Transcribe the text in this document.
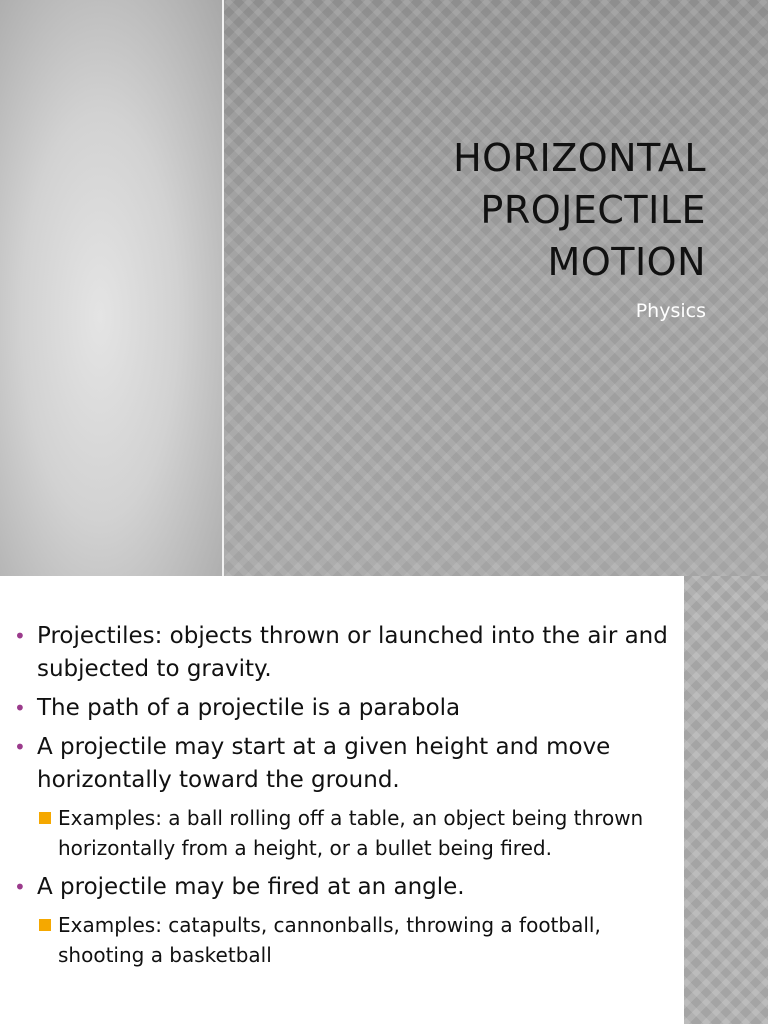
HORIZONTAL
PROJECTILE
MOTION

Physics

• Projectiles: objects thrown or launched into the air and subjected to gravity.
• The path of a projectile is a parabola
• A projectile may start at a given height and move horizontally toward the ground.
Examples: a ball rolling off a table, an object being thrown horizontally from a height, or a bullet being fired.
• A projectile may be fired at an angle.
Examples: catapults, cannonballs, throwing a football, shooting a basketball
